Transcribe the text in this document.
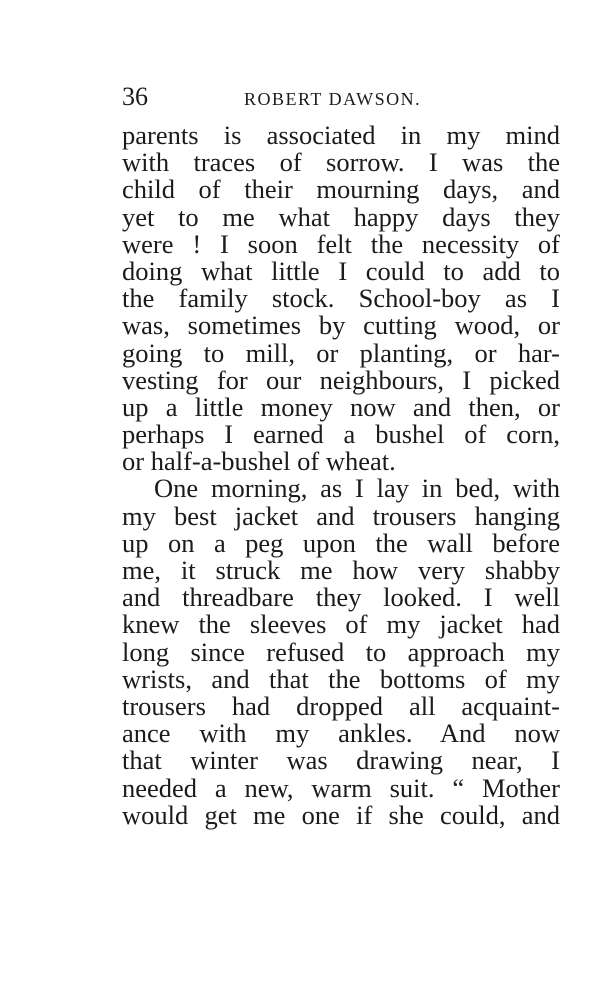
36	ROBERT DAWSON.
parents is associated in my mind
with traces of sorrow. I was the
child of their mourning days, and
yet to me what happy days they
were ! I soon felt the necessity of
doing what little I could to add to
the family stock. School-boy as I
was, sometimes by cutting wood, or
going to mill, or planting, or har-
vesting for our neighbours, I picked
up a little money now and then, or
perhaps I earned a bushel of corn,
or half-a-bushel of wheat.
One morning, as I lay in bed, with
my best jacket and trousers hanging
up on a peg upon the wall before
me, it struck me how very shabby
and threadbare they looked. I well
knew the sleeves of my jacket had
long since refused to approach my
wrists, and that the bottoms of my
trousers had dropped all acquaint-
ance with my ankles. And now
that winter was drawing near, I
needed a new, warm suit. “ Mother
would get me one if she could, and
